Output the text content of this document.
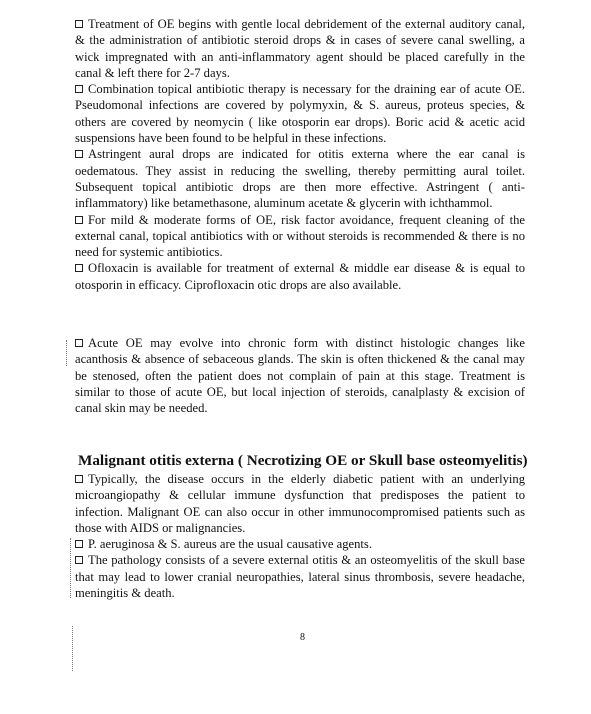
Treatment of OE begins with gentle local debridement of the external auditory canal, & the administration of antibiotic steroid drops & in cases of severe canal swelling, a wick impregnated with an anti-inflammatory agent should be placed carefully in the canal & left there for 2-7 days.

Combination topical antibiotic therapy is necessary for the draining ear of acute OE. Pseudomonal infections are covered by polymyxin, & S. aureus, proteus species, & others are covered by neomycin ( like otosporin ear drops). Boric acid & acetic acid suspensions have been found to be helpful in these infections.

Astringent aural drops are indicated for otitis externa where the ear canal is oedematous. They assist in reducing the swelling, thereby permitting aural toilet. Subsequent topical antibiotic drops are then more effective. Astringent ( anti-inflammatory) like betamethasone, aluminum acetate & glycerin with ichthammol.

For mild & moderate forms of OE, risk factor avoidance, frequent cleaning of the external canal, topical antibiotics with or without steroids is recommended & there is no need for systemic antibiotics.

Ofloxacin is available for treatment of external & middle ear disease & is equal to otosporin in efficacy. Ciprofloxacin otic drops are also available.

Acute OE may evolve into chronic form with distinct histologic changes like acanthosis & absence of sebaceous glands. The skin is often thickened & the canal may be stenosed, often the patient does not complain of pain at this stage. Treatment is similar to those of acute OE, but local injection of steroids, canalplasty & excision of canal skin may be needed.

Malignant otitis externa ( Necrotizing OE or Skull base osteomyelitis)

Typically, the disease occurs in the elderly diabetic patient with an underlying microangiopathy & cellular immune dysfunction that predisposes the patient to infection. Malignant OE can also occur in other immunocompromised patients such as those with AIDS or malignancies.

P. aeruginosa & S. aureus are the usual causative agents.

The pathology consists of a severe external otitis & an osteomyelitis of the skull base that may lead to lower cranial neuropathies, lateral sinus thrombosis, severe headache, meningitis & death.

8
